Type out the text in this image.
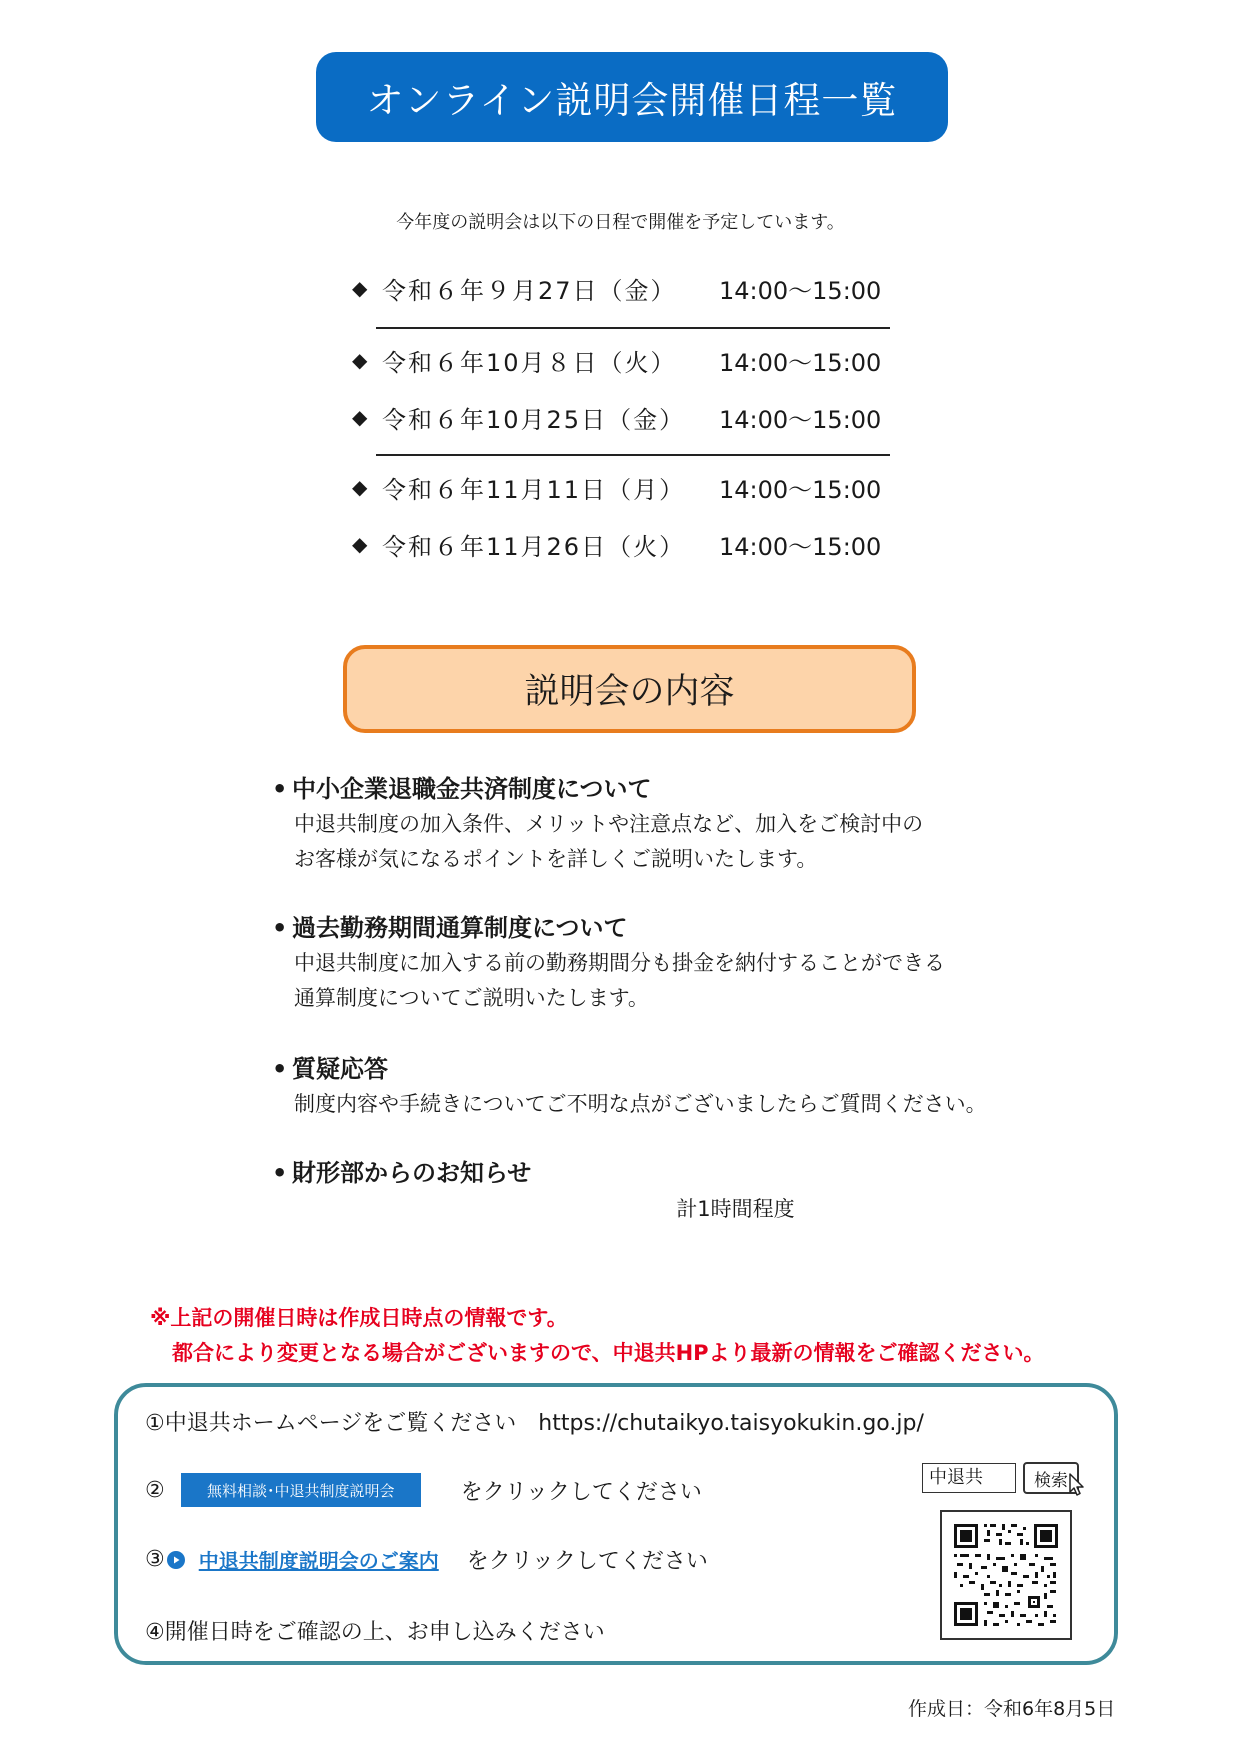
オンライン説明会開催日程一覧
今年度の説明会は以下の日程で開催を予定しています。
◆ 令和６年９月27日（金）	14:00～15:00
◆ 令和６年10月８日（火）	14:00～15:00
◆ 令和６年10月25日（金）	14:00～15:00
◆ 令和６年11月11日（月）	14:00～15:00
◆ 令和６年11月26日（火）	14:00～15:00
説明会の内容
• 中小企業退職金共済制度について
中退共制度の加入条件、メリットや注意点など、加入をご検討中の
お客様が気になるポイントを詳しくご説明いたします。
• 過去勤務期間通算制度について
中退共制度に加入する前の勤務期間分も掛金を納付することができる
通算制度についてご説明いたします。
• 質疑応答
制度内容や手続きについてご不明な点がございましたらご質問ください。
• 財形部からのお知らせ
計1時間程度
※上記の開催日時は作成日時点の情報です。
都合により変更となる場合がございますので、中退共HPより最新の情報をご確認ください。
①中退共ホームページをご覧ください　https://chutaikyo.taisyokukin.go.jp/
②	無料相談･中退共制度説明会	をクリックしてください
③ 中退共制度説明会のご案内 をクリックしてください
④開催日時をご確認の上、お申し込みください
中退共	検索
作成日：令和6年8月5日
